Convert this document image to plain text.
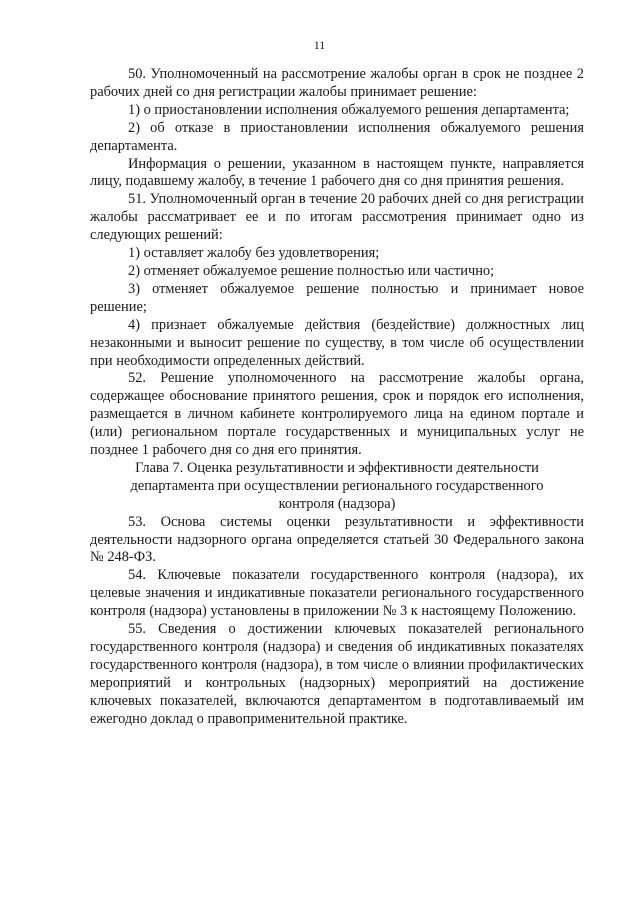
11

50. Уполномоченный на рассмотрение жалобы орган в срок не позднее 2 рабочих дней со дня регистрации жалобы принимает решение:

1) о приостановлении исполнения обжалуемого решения департамента;

2) об отказе в приостановлении исполнения обжалуемого решения департамента.

Информация о решении, указанном в настоящем пункте, направляется лицу, подавшему жалобу, в течение 1 рабочего дня со дня принятия решения.

51. Уполномоченный орган в течение 20 рабочих дней со дня регистрации жалобы рассматривает ее и по итогам рассмотрения принимает одно из следующих решений:

1) оставляет жалобу без удовлетворения;

2) отменяет обжалуемое решение полностью или частично;

3) отменяет обжалуемое решение полностью и принимает новое решение;

4) признает обжалуемые действия (бездействие) должностных лиц незаконными и выносит решение по существу, в том числе об осуществлении при необходимости определенных действий.

52. Решение уполномоченного на рассмотрение жалобы органа, содержащее обоснование принятого решения, срок и порядок его исполнения, размещается в личном кабинете контролируемого лица на едином портале и (или) региональном портале государственных и муниципальных услуг не позднее 1 рабочего дня со дня его принятия.

Глава 7. Оценка результативности и эффективности деятельности
департамента при осуществлении регионального государственного
контроля (надзора)

53. Основа системы оценки результативности и эффективности деятельности надзорного органа определяется статьей 30 Федерального закона № 248-ФЗ.

54. Ключевые показатели государственного контроля (надзора), их целевые значения и индикативные показатели регионального государственного контроля (надзора) установлены в приложении № 3 к настоящему Положению.

55. Сведения о достижении ключевых показателей регионального государственного контроля (надзора) и сведения об индикативных показателях государственного контроля (надзора), в том числе о влиянии профилактических мероприятий и контрольных (надзорных) мероприятий на достижение ключевых показателей, включаются департаментом в подготавливаемый им ежегодно доклад о правоприменительной практике.
